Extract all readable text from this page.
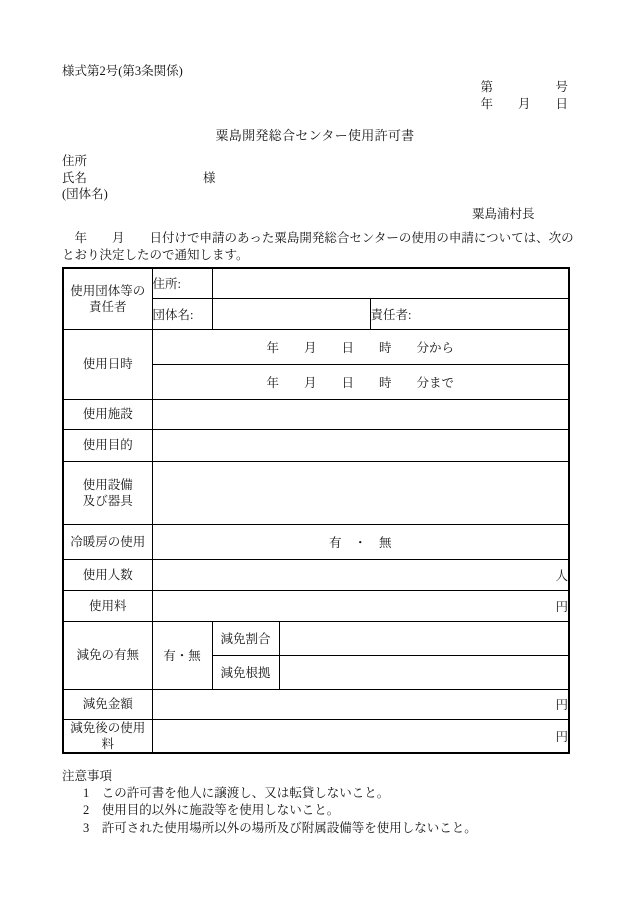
様式第2号(第3条関係)
第　　　　　号
年　　月　　日
粟島開発総合センター使用許可書
住所
氏名	様
(団体名)
粟島浦村長
　年　　月　　日付けで申請のあった粟島開発総合センターの使用の申請については、次の
とおり決定したので通知します。
使用団体等の
責任者	住所:			
	団体名:			責任者:
使用日時	年　　月　　日　　時　　分から			
	年　　月　　日　　時　　分まで			
使用施設				
使用目的				

使用設備
及び器具				

冷暖房の使用	有　・　無			
使用人数	人			
使用料	円			
減免の有無	有・無	減免割合		
		減免根拠		
減免金額	円			

減免後の使用
料	円			
注意事項
1　この許可書を他人に譲渡し、又は転貸しないこと。
2　使用目的以外に施設等を使用しないこと。
3　許可された使用場所以外の場所及び附属設備等を使用しないこと。
